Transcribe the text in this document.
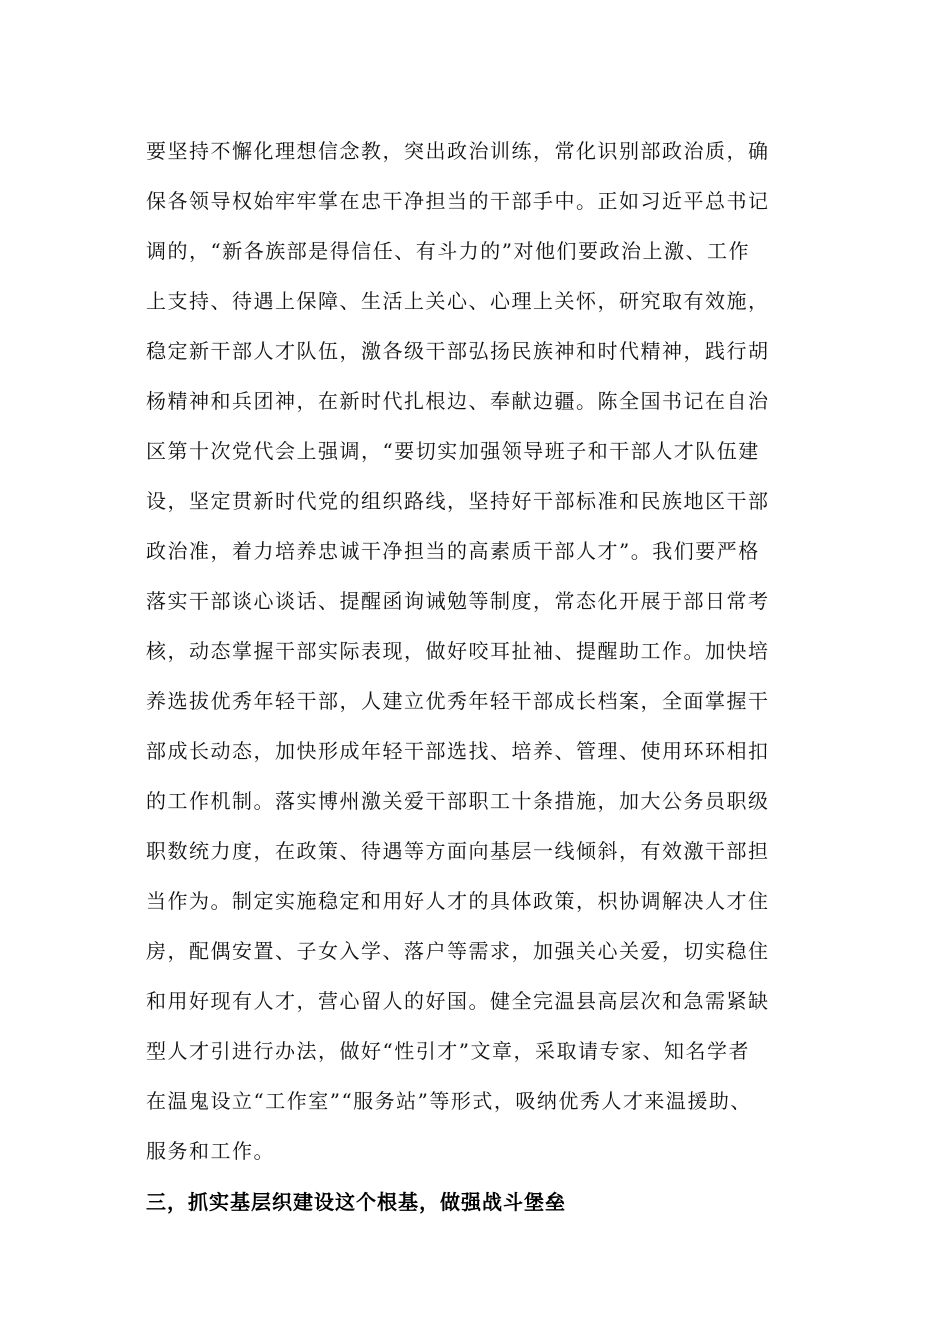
要坚持不懈化理想信念教，突出政治训练，常化识别部政治质，确
保各领导权始牢牢掌在忠干净担当的干部手中。正如习近平总书记
调的，“新各族部是得信任、有斗力的”对他们要政治上激、工作
上支持、待遇上保障、生活上关心、心理上关怀，研究取有效施，
稳定新干部人才队伍，激各级干部弘扬民族神和时代精神，践行胡
杨精神和兵团神，在新时代扎根边、奉献边疆。陈全国书记在自治
区第十次党代会上强调，“要切实加强领导班子和干部人才队伍建
设，坚定贯新时代党的组织路线，坚持好干部标准和民族地区干部
政治准，着力培养忠诚干净担当的高素质干部人才”。我们要严格
落实干部谈心谈话、提醒函询诫勉等制度，常态化开展于部日常考
核，动态掌握干部实际表现，做好咬耳扯袖、提醒助工作。加快培
养选拔优秀年轻干部，人建立优秀年轻干部成长档案，全面掌握干
部成长动态，加快形成年轻干部选找、培养、管理、使用环环相扣
的工作机制。落实博州激关爱干部职工十条措施，加大公务员职级
职数统力度，在政策、待遇等方面向基层一线倾斜，有效激干部担
当作为。制定实施稳定和用好人才的具体政策，枳协调解决人才住
房，配偶安置、子女入学、落户等需求，加强关心关爱，切实稳住
和用好现有人才，营心留人的好国。健全完温县高层次和急需紧缺
型人才引进行办法，做好“性引才”文章，采取请专家、知名学者
在温鬼设立“工作室”“服务站”等形式，吸纳优秀人才来温援助、
服务和工作。
三，抓实基层织建设这个根基，做强战斗堡垒
